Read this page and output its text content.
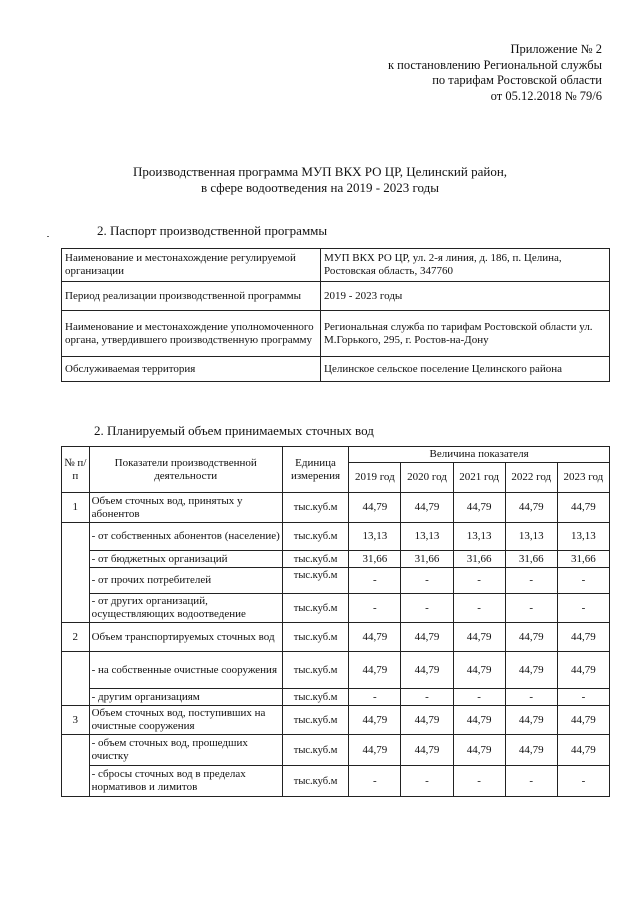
Приложение № 2
к постановлению Региональной службы
по тарифам Ростовской области
от 05.12.2018 № 79/6
Производственная программа МУП ВКХ РО ЦР, Целинский район,
в сфере водоотведения на 2019 - 2023 годы
2. Паспорт производственной программы
Наименование и местонахождение регулируемой организации	МУП ВКХ РО ЦР, ул. 2-я линия, д. 186, п. Целина, Ростовская область, 347760
Период реализации производственной программы	2019 - 2023 годы
Наименование и местонахождение уполномоченного органа, утвердившего производственную программу	Региональная служба по тарифам Ростовской области ул. М.Горького, 295, г. Ростов-на-Дону
Обслуживаемая территория	Целинское сельское поселение Целинского района
2. Планируемый объем принимаемых сточных вод
№ п/п	Показатели производственной деятельности	Единица измерения	Величина показателя				
			2019 год	2020 год	2021 год	2022 год	2023 год
1	Объем сточных вод, принятых у абонентов	тыс.куб.м	44,79	44,79	44,79	44,79	44,79
	- от собственных абонентов (население)	тыс.куб.м	13,13	13,13	13,13	13,13	13,13
	- от бюджетных организаций	тыс.куб.м	31,66	31,66	31,66	31,66	31,66
	- от прочих потребителей	тыс.куб.м	-	-	-	-	-
	- от других организаций, осуществляющих водоотведение	тыс.куб.м	-	-	-	-	-
2	Объем транспортируемых сточных вод	тыс.куб.м	44,79	44,79	44,79	44,79	44,79
	- на собственные очистные сооружения	тыс.куб.м	44,79	44,79	44,79	44,79	44,79
	- другим организациям	тыс.куб.м	-	-	-	-	-
3	Объем сточных вод, поступивших на очистные сооружения	тыс.куб.м	44,79	44,79	44,79	44,79	44,79
	- объем сточных вод, прошедших очистку	тыс.куб.м	44,79	44,79	44,79	44,79	44,79
	- сбросы сточных вод в пределах нормативов и лимитов	тыс.куб.м	-	-	-	-	-
